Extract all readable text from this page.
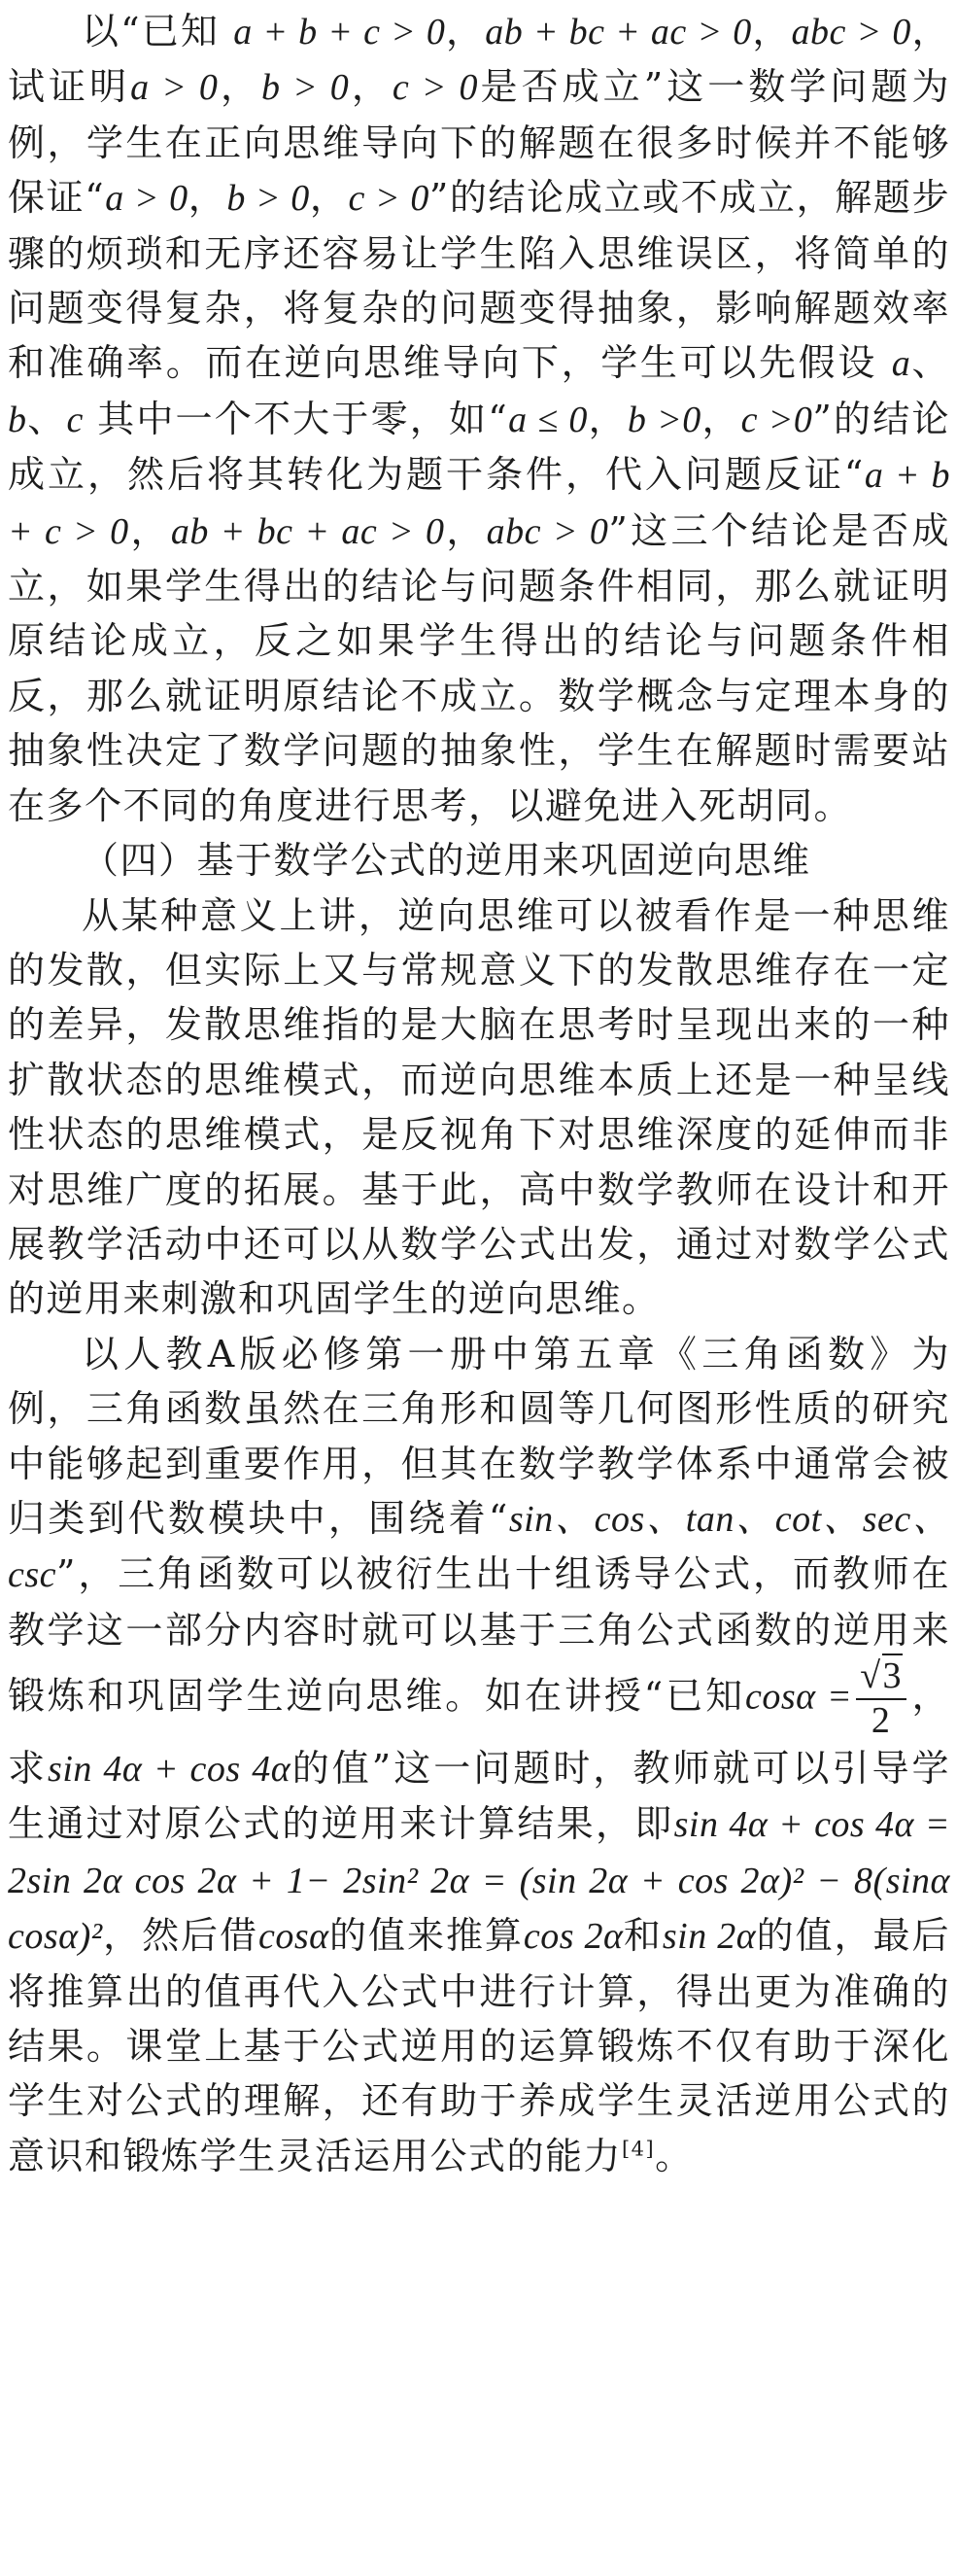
以“已知 a + b + c > 0，ab + bc + ac > 0，abc > 0，试证明a > 0，b > 0，c > 0是否成立”这一数学问题为例，学生在正向思维导向下的解题在很多时候并不能够保证“a > 0，b > 0，c > 0”的结论成立或不成立，解题步骤的烦琐和无序还容易让学生陷入思维误区，将简单的问题变得复杂，将复杂的问题变得抽象，影响解题效率和准确率。而在逆向思维导向下，学生可以先假设 a、b、c 其中一个不大于零，如“a ≤ 0，b >0，c >0”的结论成立，然后将其转化为题干条件，代入问题反证“a + b + c > 0，ab + bc + ac > 0，abc > 0”这三个结论是否成立，如果学生得出的结论与问题条件相同，那么就证明原结论成立，反之如果学生得出的结论与问题条件相反，那么就证明原结论不成立。数学概念与定理本身的抽象性决定了数学问题的抽象性，学生在解题时需要站在多个不同的角度进行思考，以避免进入死胡同。

（四）基于数学公式的逆用来巩固逆向思维

从某种意义上讲，逆向思维可以被看作是一种思维的发散，但实际上又与常规意义下的发散思维存在一定的差异，发散思维指的是大脑在思考时呈现出来的一种扩散状态的思维模式，而逆向思维本质上还是一种呈线性状态的思维模式，是反视角下对思维深度的延伸而非对思维广度的拓展。基于此，高中数学教师在设计和开展教学活动中还可以从数学公式出发，通过对数学公式的逆用来刺激和巩固学生的逆向思维。

以人教A版必修第一册中第五章《三角函数》为例，三角函数虽然在三角形和圆等几何图形性质的研究中能够起到重要作用，但其在数学教学体系中通常会被归类到代数模块中，围绕着“sin、cos、tan、cot、sec、csc”，三角函数可以被衍生出十组诱导公式，而教师在教学这一部分内容时就可以基于三角公式函数的逆用来锻炼和巩固学生逆向思维。如在讲授“已知$\cos\alpha = \frac{√3}{2}$ ，求sin 4α + cos 4α的值”这一问题时，教师就可以引导学生通过对原公式的逆用来计算结果，即sin 4α + cos 4α = 2sin 2α cos 2α + 1− 2sin² 2α = (sin 2α + cos 2α)² − 8(sinα cosα)²，然后借cosα的值来推算cos 2α和sin 2α的值，最后将推算出的值再代入公式中进行计算，得出更为准确的结果。课堂上基于公式逆用的运算锻炼不仅有助于深化学生对公式的理解，还有助于养成学生灵活逆用公式的意识和锻炼学生灵活运用公式的能力[4]。
